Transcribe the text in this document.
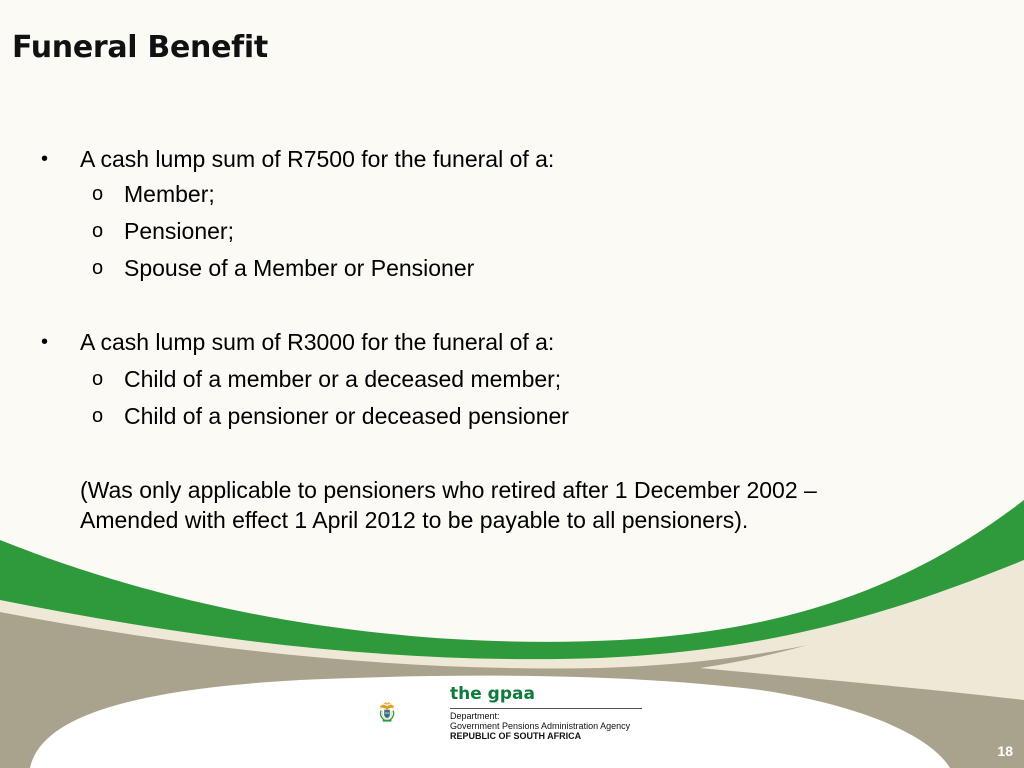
Funeral Benefit
• A cash lump sum of R7500 for the funeral of a:
o Member;
o Pensioner;
o Spouse of a Member or Pensioner
• A cash lump sum of R3000 for the funeral of a:
o Child of a member or a deceased member;
o Child of a pensioner or deceased pensioner
(Was only applicable to pensioners who retired after 1 December 2002 –
Amended with effect 1 April 2012 to be payable to all pensioners).
the gpaa
Department:
Government Pensions Administration Agency
REPUBLIC OF SOUTH AFRICA
18
